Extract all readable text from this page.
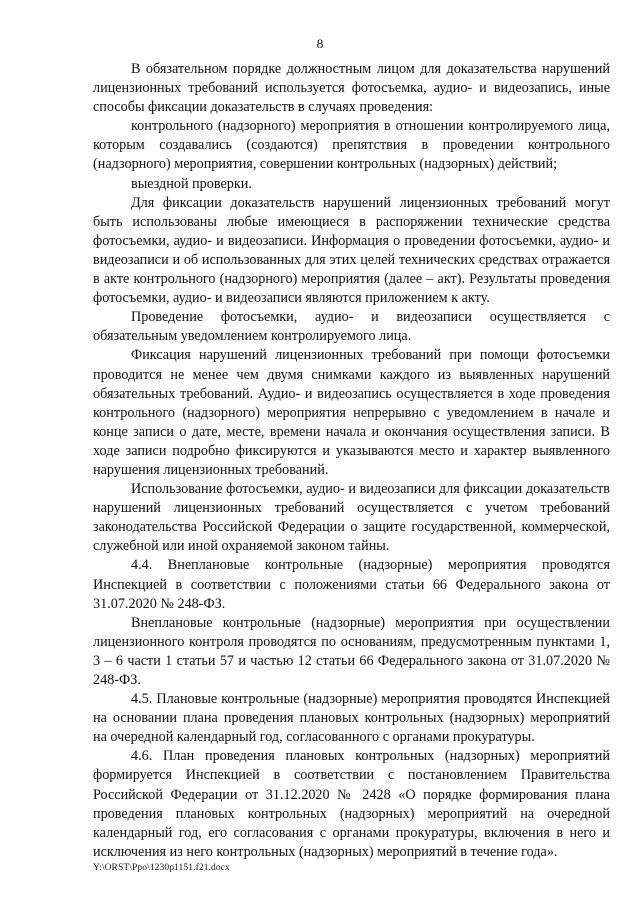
8

В обязательном порядке должностным лицом для доказательства нарушений лицензионных требований используется фотосъемка, аудио- и видеозапись, иные способы фиксации доказательств в случаях проведения:

контрольного (надзорного) мероприятия в отношении контролируемого лица, которым создавались (создаются) препятствия в проведении контрольного (надзорного) мероприятия, совершении контрольных (надзорных) действий;

выездной проверки.

Для фиксации доказательств нарушений лицензионных требований могут быть использованы любые имеющиеся в распоряжении технические средства фотосъемки, аудио- и видеозаписи. Информация о проведении фотосъемки, аудио- и видеозаписи и об использованных для этих целей технических средствах отражается в акте контрольного (надзорного) мероприятия (далее – акт). Результаты проведения фотосъемки, аудио- и видеозаписи являются приложением к акту.

Проведение фотосъемки, аудио- и видеозаписи осуществляется с обязательным уведомлением контролируемого лица.

Фиксация нарушений лицензионных требований при помощи фотосъемки проводится не менее чем двумя снимками каждого из выявленных нарушений обязательных требований. Аудио- и видеозапись осуществляется в ходе проведения контрольного (надзорного) мероприятия непрерывно с уведомлением в начале и конце записи о дате, месте, времени начала и окончания осуществления записи. В ходе записи подробно фиксируются и указываются место и характер выявленного нарушения лицензионных требований.

Использование фотосъемки, аудио- и видеозаписи для фиксации доказательств нарушений лицензионных требований осуществляется с учетом требований законодательства Российской Федерации о защите государственной, коммерческой, служебной или иной охраняемой законом тайны.

4.4. Внеплановые контрольные (надзорные) мероприятия проводятся Инспекцией в соответствии с положениями статьи 66 Федерального закона от 31.07.2020 № 248-ФЗ.

Внеплановые контрольные (надзорные) мероприятия при осуществлении лицензионного контроля проводятся по основаниям, предусмотренным пунктами 1, 3 – 6 части 1 статьи 57 и частью 12 статьи 66 Федерального закона от 31.07.2020 № 248-ФЗ.

4.5. Плановые контрольные (надзорные) мероприятия проводятся Инспекцией на основании плана проведения плановых контрольных (надзорных) мероприятий на очередной календарный год, согласованного с органами прокуратуры.

4.6. План проведения плановых контрольных (надзорных) мероприятий формируется Инспекцией в соответствии с постановлением Правительства Российской Федерации от 31.12.2020 № 2428 «О порядке формирования плана проведения плановых контрольных (надзорных) мероприятий на очередной календарный год, его согласования с органами прокуратуры, включения в него и исключения из него контрольных (надзорных) мероприятий в течение года».

Y:\ORST\Ppo\1230p1151.f21.docx
